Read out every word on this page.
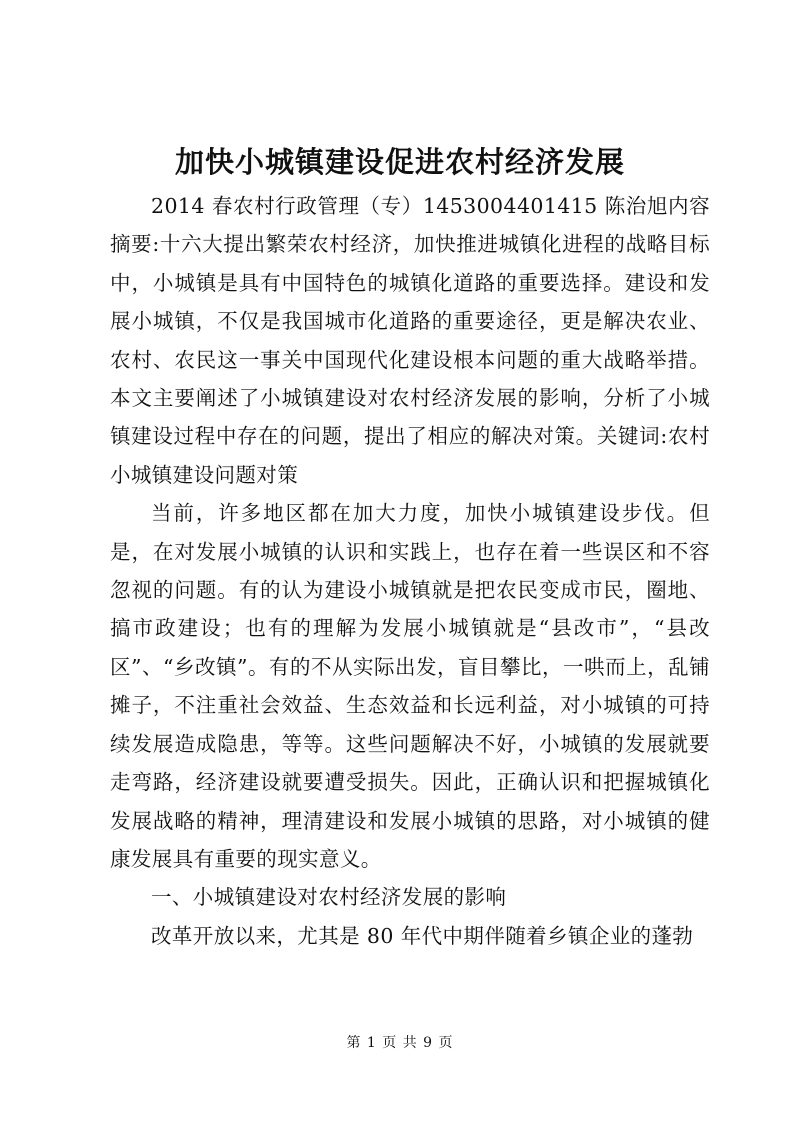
加快小城镇建设促进农村经济发展

2014 春农村行政管理（专）1453004401415 陈治旭内容摘要:十六大提出繁荣农村经济，加快推进城镇化进程的战略目标中，小城镇是具有中国特色的城镇化道路的重要选择。建设和发展小城镇，不仅是我国城市化道路的重要途径，更是解决农业、农村、农民这一事关中国现代化建设根本问题的重大战略举措。本文主要阐述了小城镇建设对农村经济发展的影响，分析了小城镇建设过程中存在的问题，提出了相应的解决对策。关键词:农村小城镇建设问题对策

当前，许多地区都在加大力度，加快小城镇建设步伐。但是，在对发展小城镇的认识和实践上，也存在着一些误区和不容忽视的问题。有的认为建设小城镇就是把农民变成市民，圈地、搞市政建设；也有的理解为发展小城镇就是“县改市”，“县改区”、“乡改镇”。有的不从实际出发，盲目攀比，一哄而上，乱铺摊子，不注重社会效益、生态效益和长远利益，对小城镇的可持续发展造成隐患，等等。这些问题解决不好，小城镇的发展就要走弯路，经济建设就要遭受损失。因此，正确认识和把握城镇化发展战略的精神，理清建设和发展小城镇的思路，对小城镇的健康发展具有重要的现实意义。

一、小城镇建设对农村经济发展的影响

改革开放以来，尤其是 80 年代中期伴随着乡镇企业的蓬勃

第 1 页 共 9 页
